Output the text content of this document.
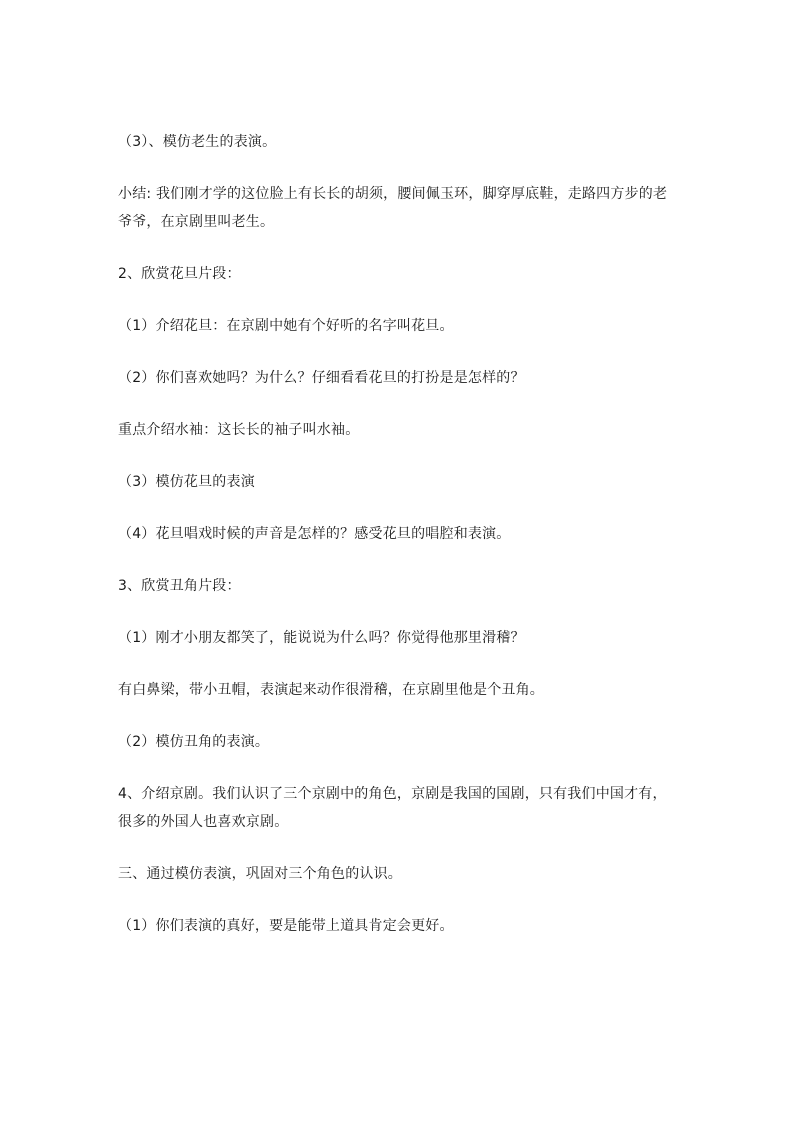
（3）、模仿老生的表演。

小结: 我们刚才学的这位脸上有长长的胡须，腰间佩玉环，脚穿厚底鞋，走路四方步的老爷爷，在京剧里叫老生。

2、欣赏花旦片段：

（1）介绍花旦：在京剧中她有个好听的名字叫花旦。

（2）你们喜欢她吗？为什么？仔细看看花旦的打扮是是怎样的？

重点介绍水袖：这长长的袖子叫水袖。

（3）模仿花旦的表演

（4）花旦唱戏时候的声音是怎样的？感受花旦的唱腔和表演。

3、欣赏丑角片段：

（1）刚才小朋友都笑了，能说说为什么吗？你觉得他那里滑稽？

有白鼻梁，带小丑帽，表演起来动作很滑稽，在京剧里他是个丑角。

（2）模仿丑角的表演。

4、介绍京剧。我们认识了三个京剧中的角色，京剧是我国的国剧，只有我们中国才有，很多的外国人也喜欢京剧。

三、通过模仿表演，巩固对三个角色的认识。

（1）你们表演的真好，要是能带上道具肯定会更好。
